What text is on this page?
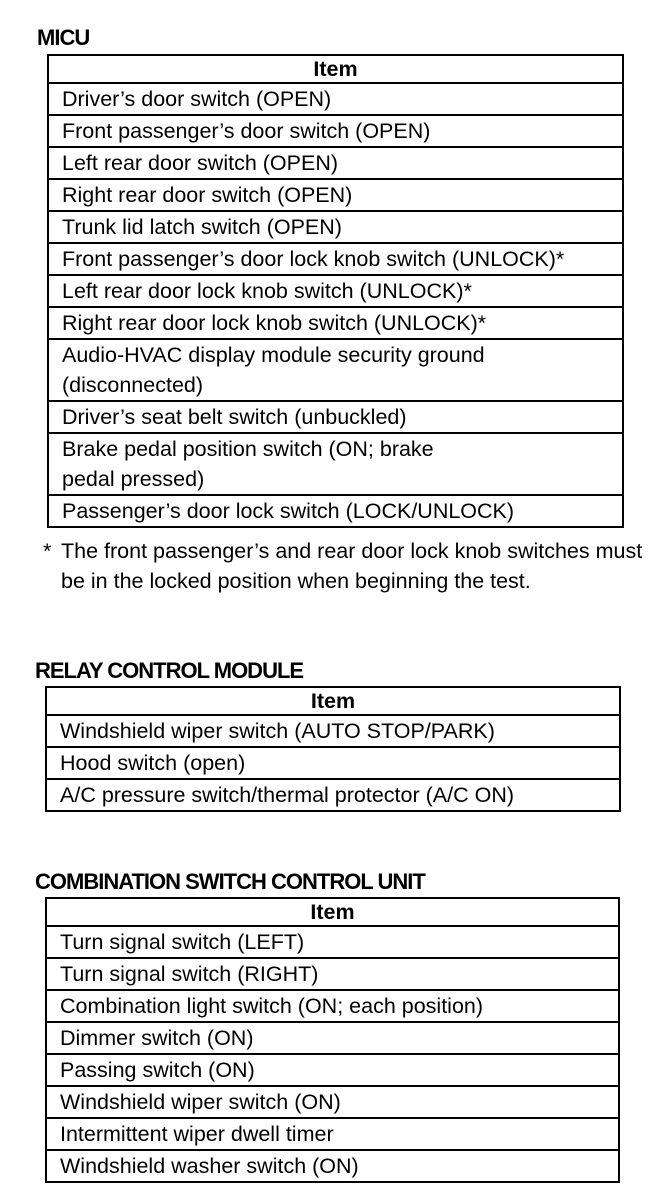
MICU
Item
Driver’s door switch (OPEN)
Front passenger’s door switch (OPEN)
Left rear door switch (OPEN)
Right rear door switch (OPEN)
Trunk lid latch switch (OPEN)
Front passenger’s door lock knob switch (UNLOCK)*
Left rear door lock knob switch (UNLOCK)*
Right rear door lock knob switch (UNLOCK)*
Audio-HVAC display module security ground (disconnected)
Driver’s seat belt switch (unbuckled)
Brake pedal position switch (ON; brake pedal pressed)
Passenger’s door lock switch (LOCK/UNLOCK)
* The front passenger’s and rear door lock knob switches must be in the locked position when beginning the test.
RELAY CONTROL MODULE
Item
Windshield wiper switch (AUTO STOP/PARK)
Hood switch (open)
A/C pressure switch/thermal protector (A/C ON)
COMBINATION SWITCH CONTROL UNIT
Item
Turn signal switch (LEFT)
Turn signal switch (RIGHT)
Combination light switch (ON; each position)
Dimmer switch (ON)
Passing switch (ON)
Windshield wiper switch (ON)
Intermittent wiper dwell timer
Windshield washer switch (ON)
